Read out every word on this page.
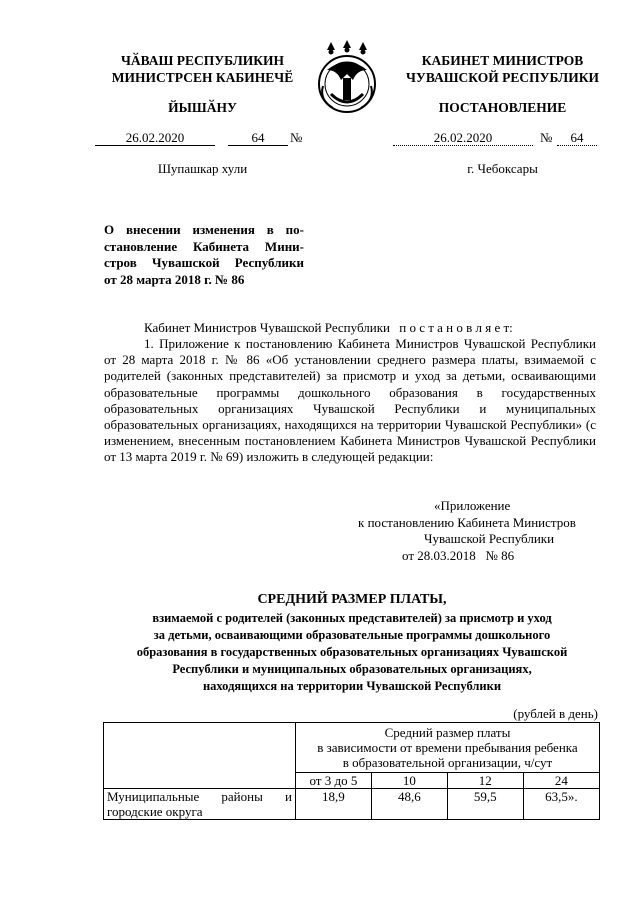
ЧӐВАШ РЕСПУБЛИКИН
МИНИСТРСЕН КАБИНЕЧӖ
ЙЫШӐНУ
КАБИНЕТ МИНИСТРОВ
ЧУВАШСКОЙ РЕСПУБЛИКИ
ПОСТАНОВЛЕНИЕ
26.02.2020	64	№	26.02.2020	№	64
Шупашкар хули	г. Чебоксары
О внесении изменения в по-
становление Кабинета Мини-
стров Чувашской Республики
от 28 марта 2018 г. № 86
Кабинет Министров Чувашской Республики п о с т а н о в л я е т:
1. Приложение к постановлению Кабинета Министров Чувашской Республики от 28 марта 2018 г. № 86 «Об установлении среднего размера платы, взимаемой с родителей (законных представителей) за присмотр и уход за детьми, осваивающими образовательные программы дошкольного образования в государственных образовательных организациях Чувашской Республики и муниципальных образовательных организациях, находящихся на территории Чувашской Республики» (с изменением, внесенным постановлением Кабинета Министров Чувашской Республики от 13 марта 2019 г. № 69) изложить в следующей редакции:
«Приложение
к постановлению Кабинета Министров
Чувашской Республики
от 28.03.2018   № 86
СРЕДНИЙ РАЗМЕР ПЛАТЫ,
взимаемой с родителей (законных представителей) за присмотр и уход
за детьми, осваивающими образовательные программы дошкольного
образования в государственных образовательных организациях Чувашской
Республики и муниципальных образовательных организациях,
находящихся на территории Чувашской Республики
(рублей в день)

	Средний размер платы
в зависимости от времени пребывания ребенка
в образовательной организации, ч/сут			

	от 3 до 5	10	12	24
Муниципальные районы и городские округа	18,9	48,6	59,5	63,5».
